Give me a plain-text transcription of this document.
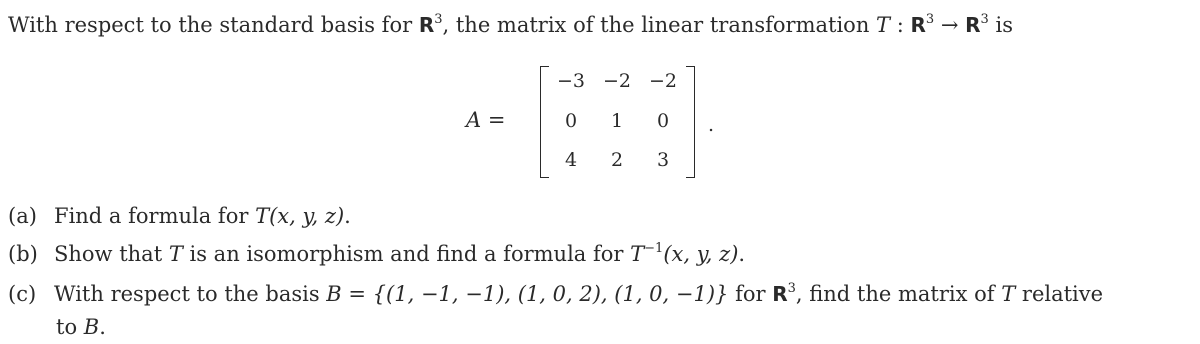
With respect to the standard basis for $R^3$, the matrix of the linear transformation T : $R^3 \to R^3$ is
A =
−3 −2 −2
0	1	0
4	2	3
.
(a) Find a formula for T(x, y, z).
(b) Show that T is an isomorphism and find a formula for $T^{-1}(x$, y, z).
(c) With respect to the basis B = {(1, −1, −1), (1, 0, 2), (1, 0, −1)} for $R^3$, find the matrix of T relative
to B.
